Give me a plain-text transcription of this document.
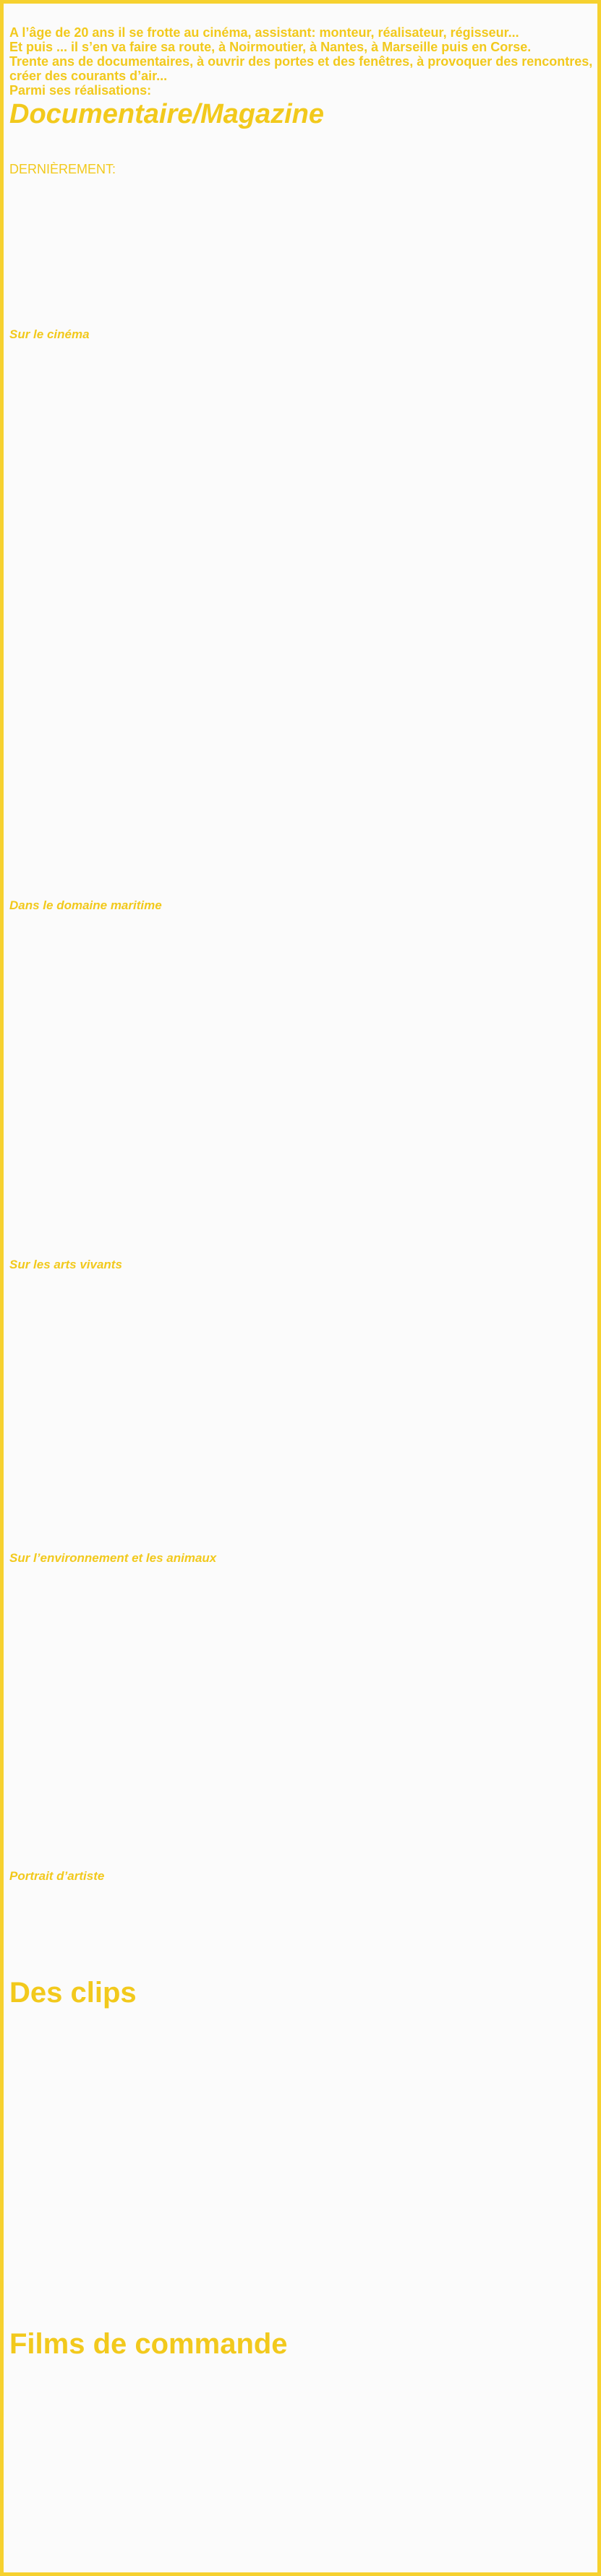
A l’âge de 20 ans il se frotte au cinéma, assistant: monteur, réalisateur, régisseur...

Et puis ... il s’en va faire sa route, à Noirmoutier, à Nantes, à Marseille puis en Corse.

Trente ans de documentaires, à ouvrir des portes et des fenêtres, à provoquer des rencontres, créer des courants d’air...

Parmi ses réalisations:

Documentaire/Magazine

DERNIÈREMENT:

Sur le cinéma
Dans le domaine maritime
Sur les arts vivants
Sur l’environnement et les animaux
Portrait d’artiste
Des clips
Films de commande
